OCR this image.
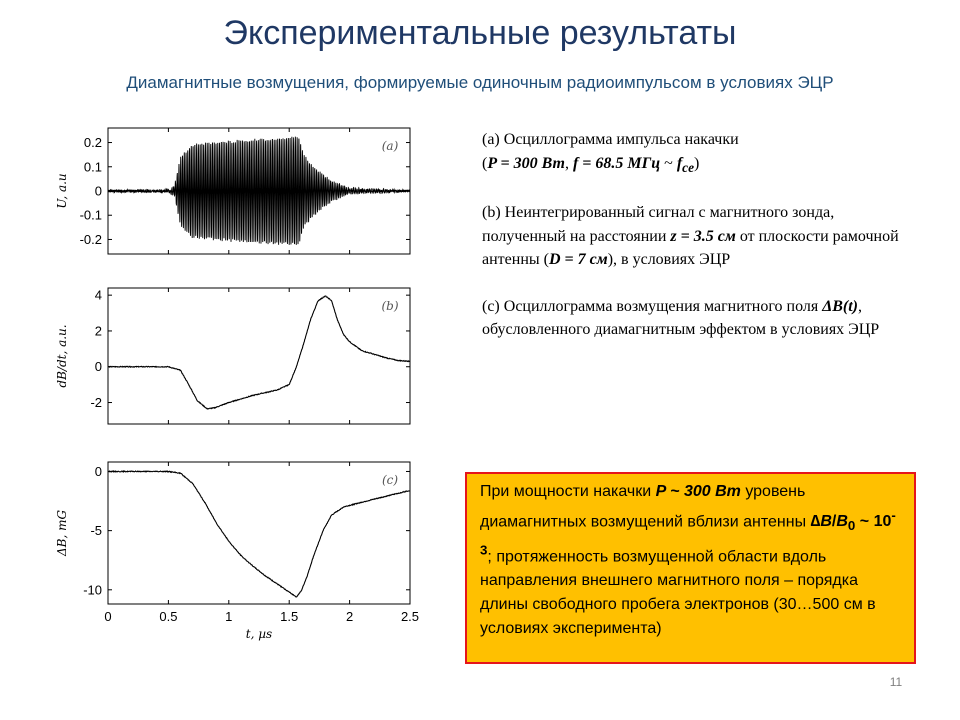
Экспериментальные результаты
Диамагнитные возмущения, формируемые одиночным радиоимпульсом в условиях ЭЦР
0.2
0.1
0
-0.1
-0.2
U, a.u
(a)
4
2
0
-2
dB/dt, a.u.
(b)
0
-5
-10
0	0.5	1	1.5	2	2.5
ΔB, mG
t, µs
(c)

(a) Осциллограмма импульса накачки
(P = 300 Вт, f = 68.5 МГц ~ $f_{ce}$)

(b) Неинтегрированный сигнал с магнитного зонда, полученный на расстоянии z = 3.5 см от плоскости рамочной антенны (D = 7 см), в условиях ЭЦР

(c) Осциллограмма возмущения магнитного поля ΔB(t), обусловленного диамагнитным эффектом в условиях ЭЦР

При мощности накачки P ~ 300 Вт уровень диамагнитных возмущений вблизи антенны $\Delta B/B_0$ ~ $10^{-3}$; протяженность возмущенной области вдоль направления внешнего магнитного поля – порядка длины свободного пробега электронов (30…500 см в условиях эксперимента)
11
